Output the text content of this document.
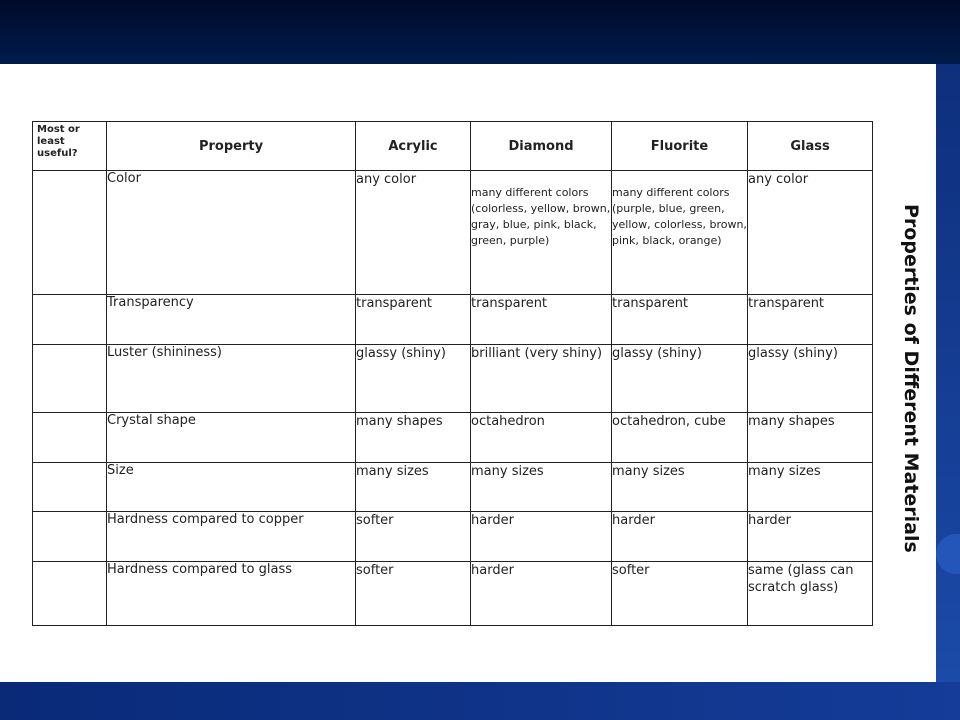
Most or least useful?	Property	Acrylic	Diamond	Fluorite	Glass
	Color	any color	many different colors (colorless, yellow, brown, gray, blue, pink, black, green, purple)	many different colors (purple, blue, green, yellow, colorless, brown, pink, black, orange)	any color
	Transparency	transparent	transparent	transparent	transparent
	Luster (shininess)	glassy (shiny)	brilliant (very shiny)	glassy (shiny)	glassy (shiny)
	Crystal shape	many shapes	octahedron	octahedron, cube	many shapes
	Size	many sizes	many sizes	many sizes	many sizes
	Hardness compared to copper	softer	harder	harder	harder
	Hardness compared to glass	softer	harder	softer	same (glass can scratch glass)
Properties of Different Materials
